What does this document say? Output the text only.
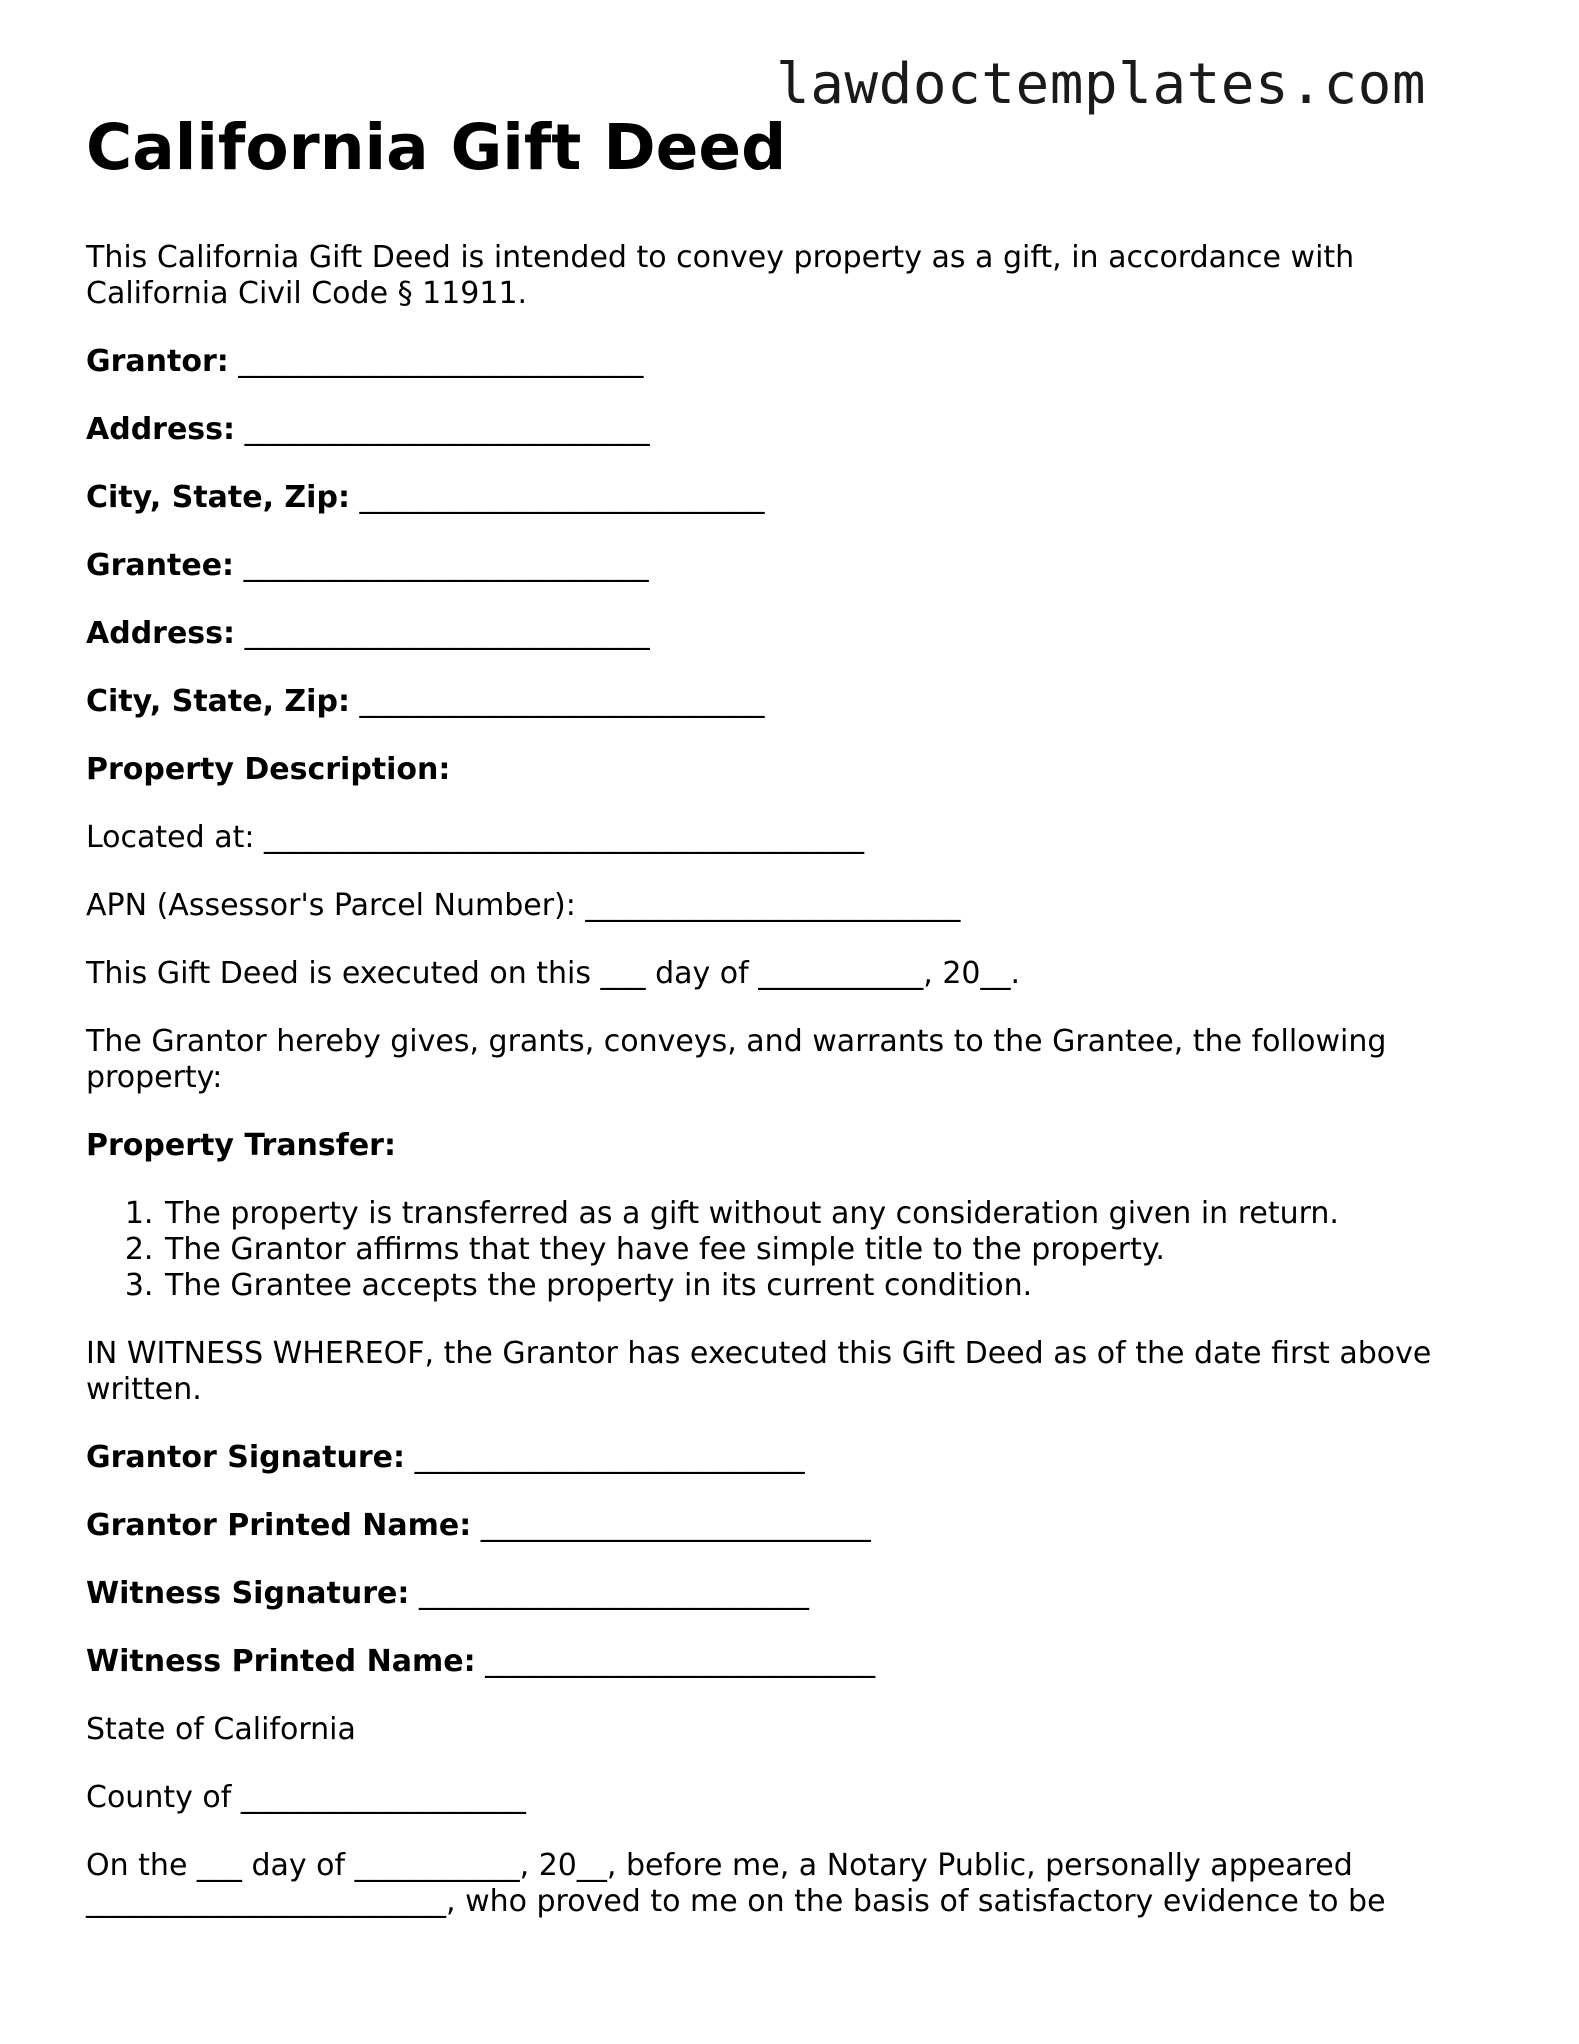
lawdoctemplates.com
California Gift Deed

This California Gift Deed is intended to convey property as a gift, in accordance with California Civil Code § 11911.

Grantor: ___________________________

Address: ___________________________

City, State, Zip: ___________________________

Grantee: ___________________________

Address: ___________________________

City, State, Zip: ___________________________

Property Description:

Located at: ________________________________________

APN (Assessor's Parcel Number): _________________________

This Gift Deed is executed on this ___ day of ___________, 20__.

The Grantor hereby gives, grants, conveys, and warrants to the Grantee, the following property:

Property Transfer:

1. The property is transferred as a gift without any consideration given in return.
2. The Grantor affirms that they have fee simple title to the property.
3. The Grantee accepts the property in its current condition.

IN WITNESS WHEREOF, the Grantor has executed this Gift Deed as of the date first above written.

Grantor Signature: __________________________

Grantor Printed Name: __________________________

Witness Signature: __________________________

Witness Printed Name: __________________________

State of California

County of ___________________

On the ___ day of ___________, 20__, before me, a Notary Public, personally appeared ________________________, who proved to me on the basis of satisfactory evidence to be
